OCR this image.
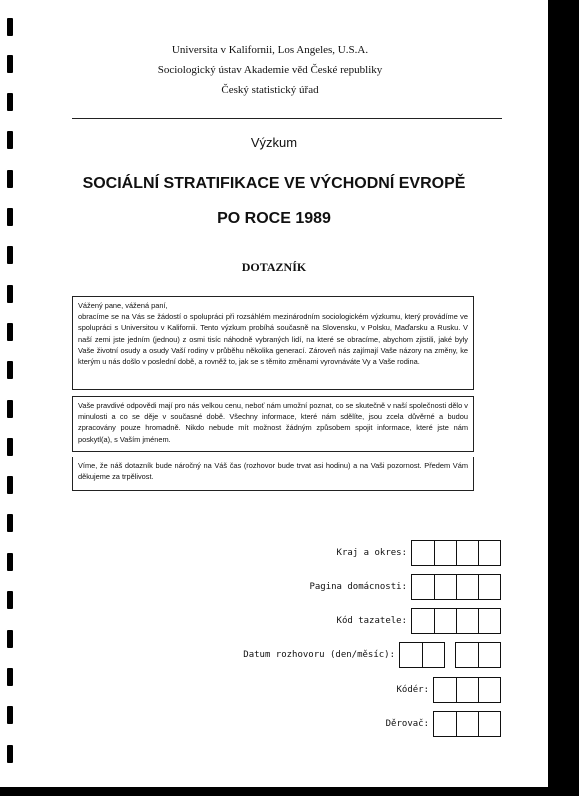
Universita v Kalifornii, Los Angeles, U.S.A.
Sociologický ústav Akademie věd České republiky
Český statistický úřad
Výzkum
SOCIÁLNÍ STRATIFIKACE VE VÝCHODNÍ EVROPĚ
PO ROCE 1989
DOTAZNÍK

Vážený pane, vážená paní,

obracíme se na Vás se žádostí o spolupráci při rozsáhlém mezinárodním sociologickém výzkumu, který provádíme ve spolupráci s Universitou v Kalifornii. Tento výzkum probíhá současně na Slovensku, v Polsku, Maďarsku a Rusku. V naší zemi jste jedním (jednou) z osmi tisíc náhodně vybraných lidí, na které se obracíme, abychom zjistili, jaké byly Vaše životní osudy a osudy Vaší rodiny v průběhu několika generací. Zároveň nás zajímají Vaše názory na změny, ke kterým u nás došlo v poslední době, a rovněž to, jak se s těmito změnami vyrovnáváte Vy a Vaše rodina.

Vaše pravdivé odpovědi mají pro nás velkou cenu, neboť nám umožní poznat, co se skutečně v naší společnosti dělo v minulosti a co se děje v současné době. Všechny informace, které nám sdělíte, jsou zcela důvěrné a budou zpracovány pouze hromadně. Nikdo nebude mít možnost žádným způsobem spojit informace, které jste nám poskytl(a), s Vaším jménem.

Víme, že náš dotazník bude náročný na Váš čas (rozhovor bude trvat asi hodinu) a na Vaši pozornost. Předem Vám děkujeme za trpělivost.

Kraj a okres:
Pagina domácnosti:
Kód tazatele:
Datum rozhovoru (den/měsíc):
Kódér:
Děrovač:
